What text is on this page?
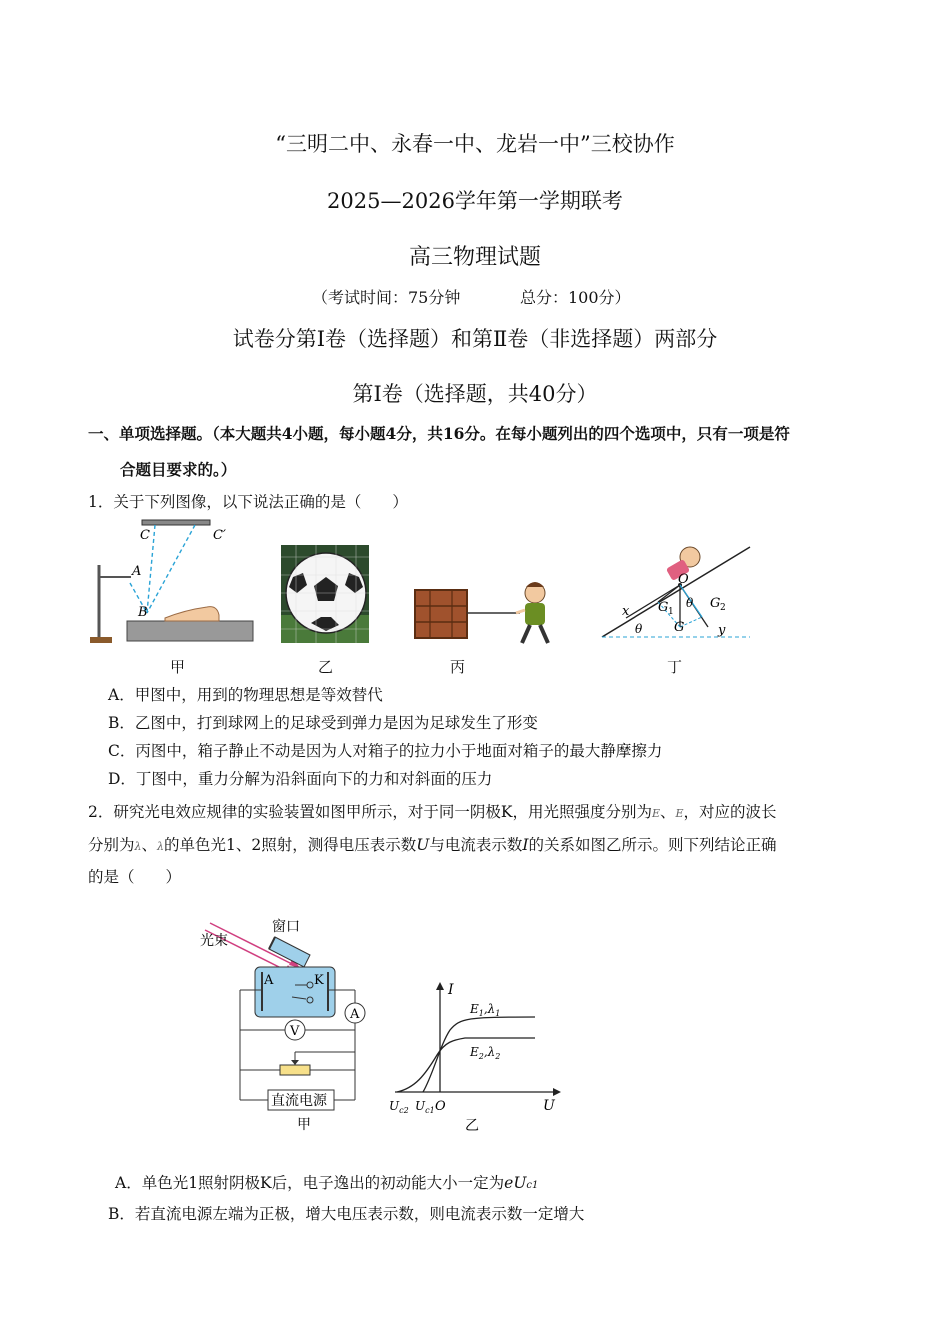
“三明二中、永春一中、龙岩一中”三校协作
2025—2026学年第一学期联考
高三物理试题
（考试时间：75分钟	总分：100分）
试卷分第Ⅰ卷（选择题）和第Ⅱ卷（非选择题）两部分
第Ⅰ卷（选择题，共40分）
一、单项选择题。（本大题共4小题，每小题4分，共16分。在每小题列出的四个选项中，只有一项是符
合题目要求的。）
1．关于下列图像，以下说法正确的是（　　）
C	C′
A
B	x
y
O
G
G 1
G 2
θ
θ
甲	乙	丙	丁
A．甲图中，用到的物理思想是等效替代
B．乙图中，打到球网上的足球受到弹力是因为足球发生了形变
C．丙图中，箱子静止不动是因为人对箱子的拉力小于地面对箱子的最大静摩擦力
D．丁图中，重力分解为沿斜面向下的力和对斜面的压力
2．研究光电效应规律的实验装置如图甲所示，对于同一阴极K，用光照强度分别为E、E，对应的波长
分别为λ、λ的单色光1、2照射，测得电压表示数U与电流表示数I的关系如图乙所示。则下列结论正确
的是（　　）
A	K
光束
窗口
A
V
直流电源
甲
I
U
O
$E_1,\lambda_1$
$E_2,\lambda_2$
$U_{c2}$ $U_{c1}$
乙
A．单色光1照射阴极K后，电子逸出的初动能大小一定为eUc1
B．若直流电源左端为正极，增大电压表示数，则电流表示数一定增大
